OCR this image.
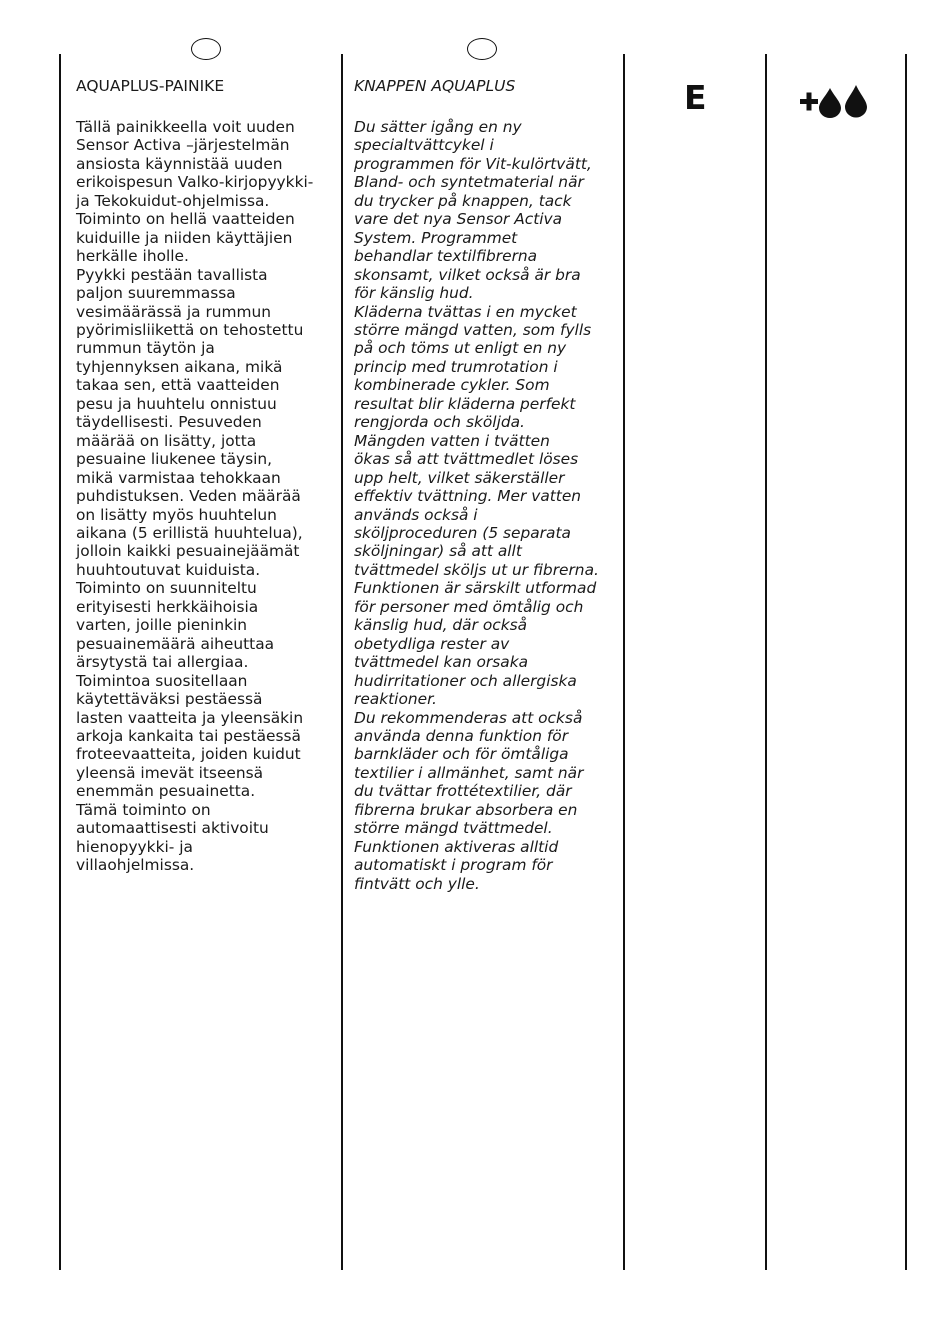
AQUAPLUS-PAINIKE

Tällä painikkeella voit uuden
Sensor Activa –järjestelmän
ansiosta käynnistää uuden
erikoispesun Valko-kirjopyykki-
ja Tekokuidut-ohjelmissa.
Toiminto on hellä vaatteiden
kuiduille ja niiden käyttäjien
herkälle iholle.
Pyykki pestään tavallista
paljon suuremmassa
vesimäärässä ja rummun
pyörimisliikettä on tehostettu
rummun täytön ja
tyhjennyksen aikana, mikä
takaa sen, että vaatteiden
pesu ja huuhtelu onnistuu
täydellisesti. Pesuveden
määrää on lisätty, jotta
pesuaine liukenee täysin,
mikä varmistaa tehokkaan
puhdistuksen. Veden määrää
on lisätty myös huuhtelun
aikana (5 erillistä huuhtelua),
jolloin kaikki pesuainejäämät
huuhtoutuvat kuiduista.
Toiminto on suunniteltu
erityisesti herkkäihoisia
varten, joille pieninkin
pesuainemäärä aiheuttaa
ärsytystä tai allergiaa.
Toimintoa suositellaan
käytettäväksi pestäessä
lasten vaatteita ja yleensäkin
arkoja kankaita tai pestäessä
froteevaatteita, joiden kuidut
yleensä imevät itseensä
enemmän pesuainetta.
Tämä toiminto on
automaattisesti aktivoitu
hienopyykki- ja
villaohjelmissa.

KNAPPEN AQUAPLUS

Du sätter igång en ny
specialtvättcykel i
programmen för Vit-kulörtvätt,
Bland- och syntetmaterial när
du trycker på knappen, tack
vare det nya Sensor Activa
System. Programmet
behandlar textilfibrerna
skonsamt, vilket också är bra
för känslig hud.
Kläderna tvättas i en mycket
större mängd vatten, som fylls
på och töms ut enligt en ny
princip med trumrotation i
kombinerade cykler. Som
resultat blir kläderna perfekt
rengjorda och sköljda.
Mängden vatten i tvätten
ökas så att tvättmedlet löses
upp helt, vilket säkerställer
effektiv tvättning. Mer vatten
används också i
sköljproceduren (5 separata
sköljningar) så att allt
tvättmedel sköljs ut ur fibrerna.
Funktionen är särskilt utformad
för personer med ömtålig och
känslig hud, där också
obetydliga rester av
tvättmedel kan orsaka
hudirritationer och allergiska
reaktioner.
Du rekommenderas att också
använda denna funktion för
barnkläder och för ömtåliga
textilier i allmänhet, samt när
du tvättar frottétextilier, där
fibrerna brukar absorbera en
större mängd tvättmedel.
Funktionen aktiveras alltid
automatiskt i program för
fintvätt och ylle.

E
